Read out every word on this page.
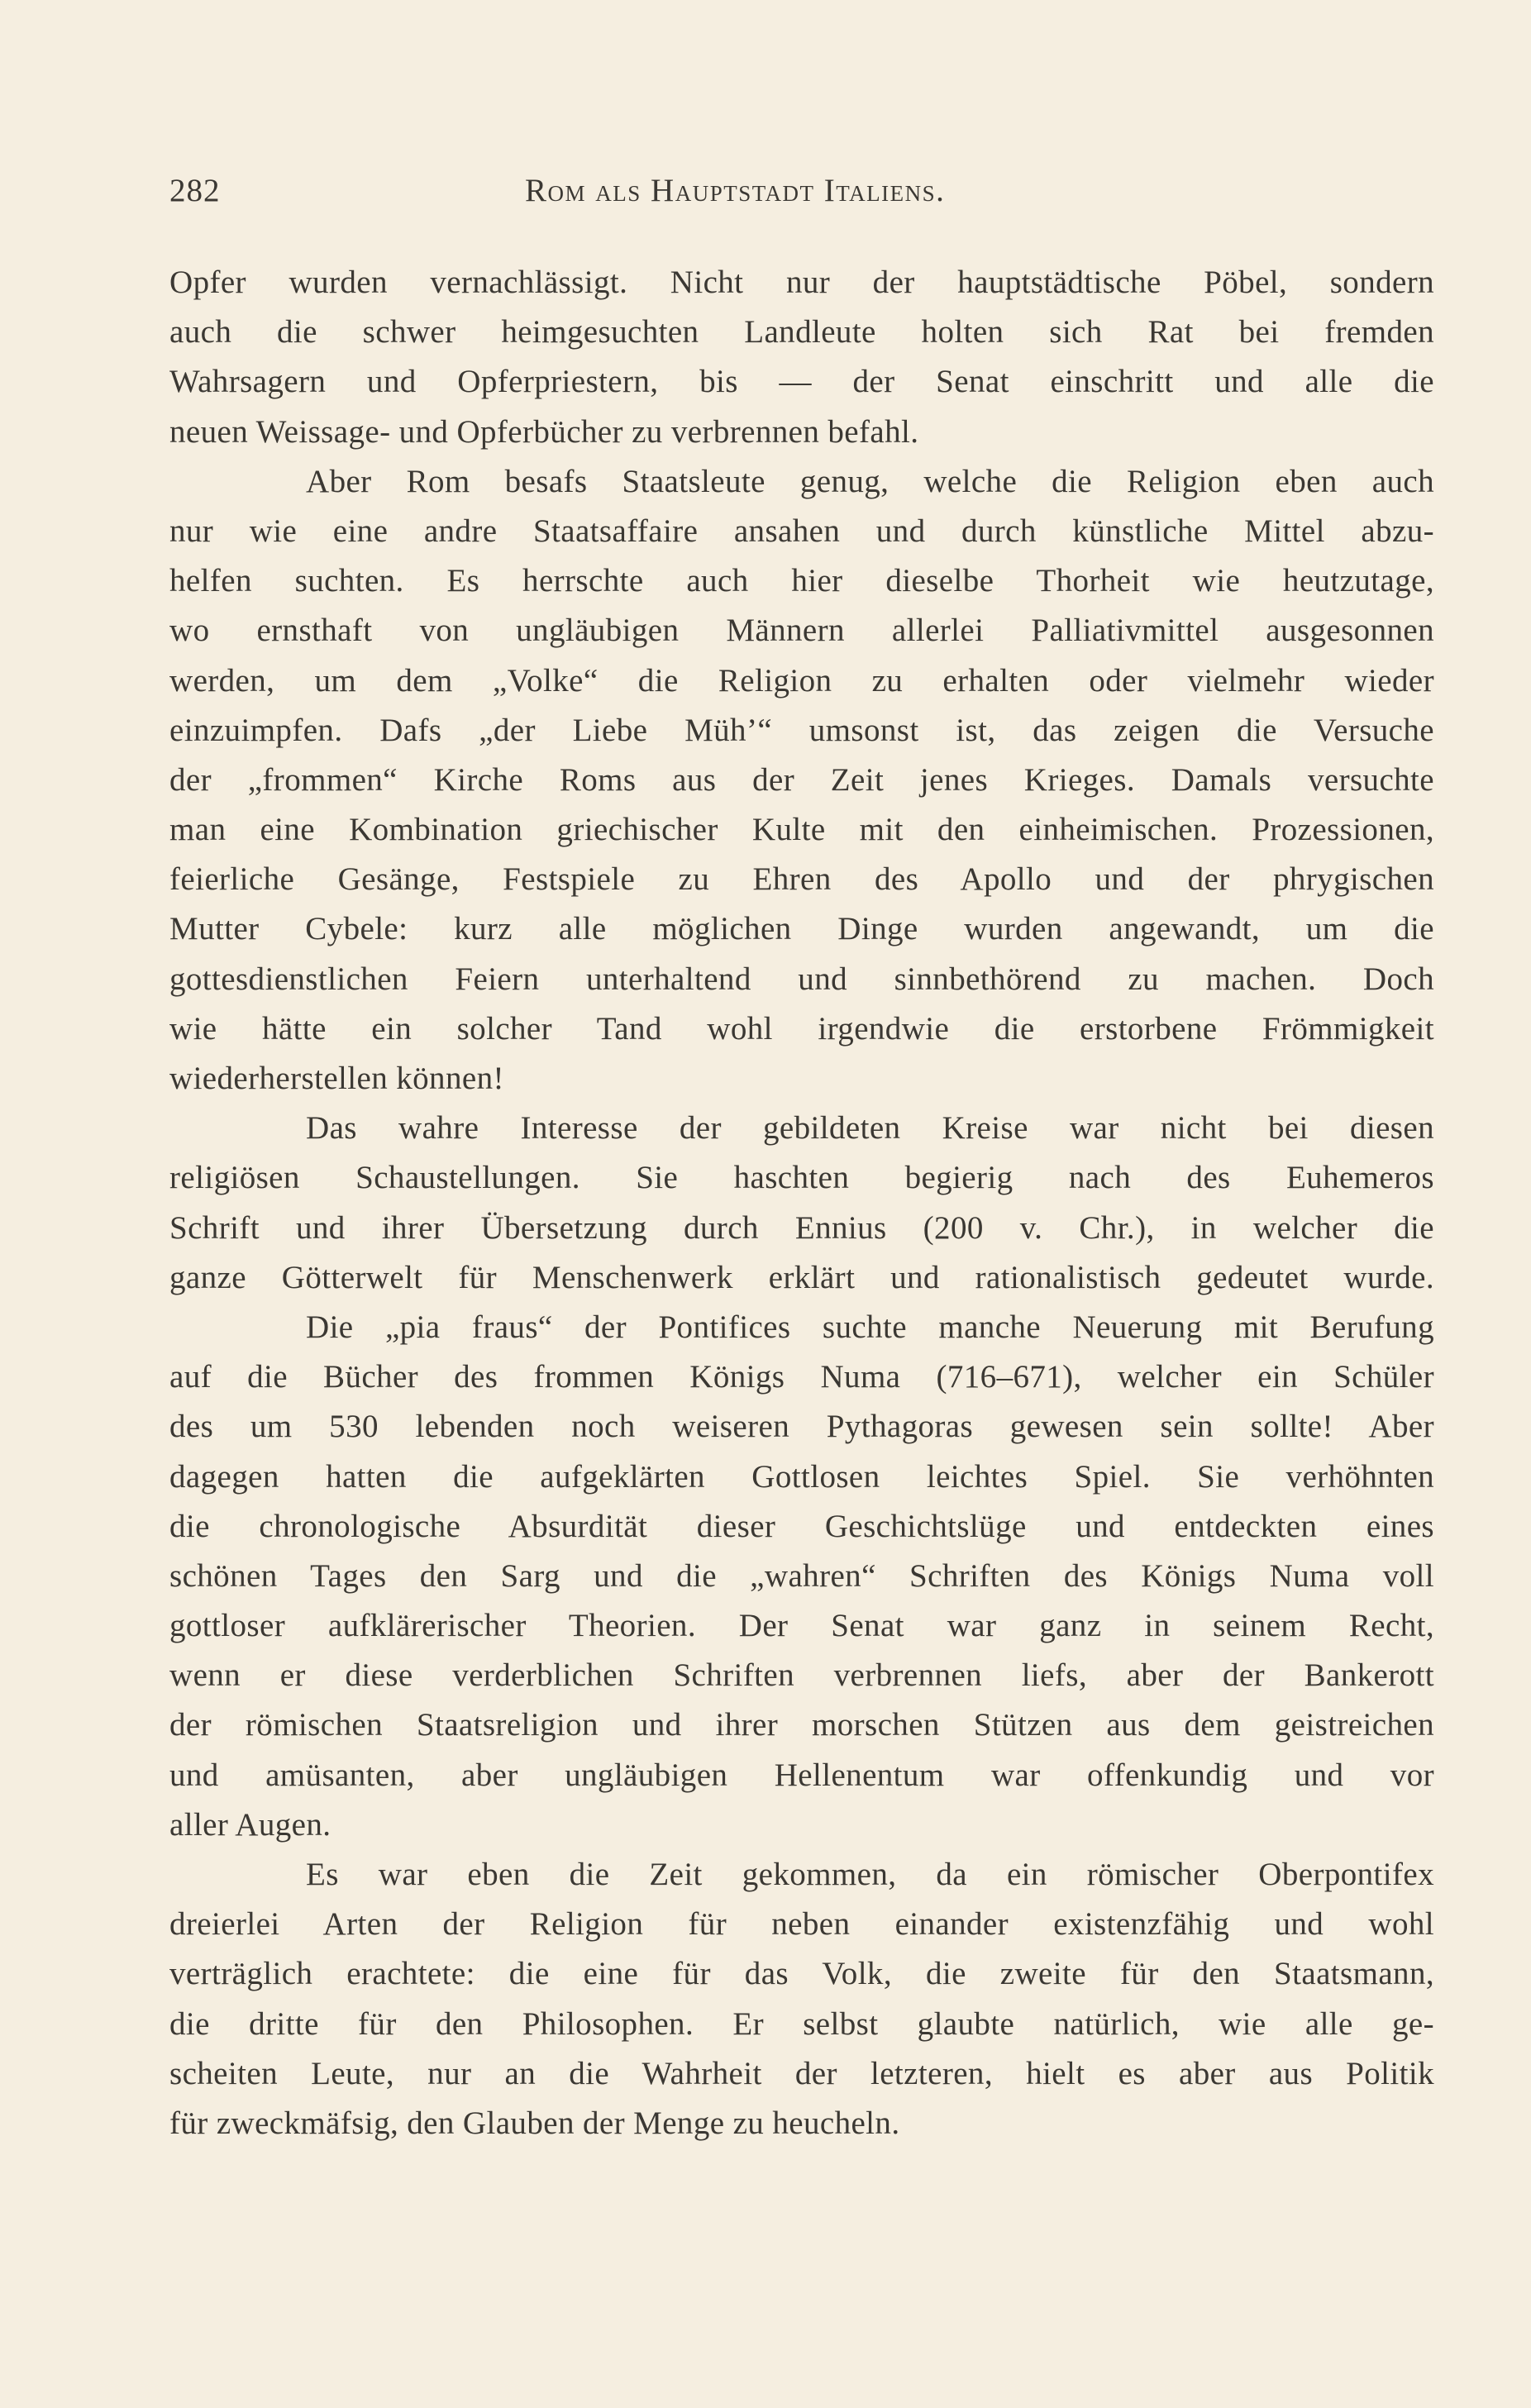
282	Rom als Hauptstadt Italiens.
Opfer wurden vernachlässigt. Nicht nur der hauptstädtische Pöbel, sondern
auch die schwer heimgesuchten Landleute holten sich Rat bei fremden
Wahrsagern und Opferpriestern, bis — der Senat einschritt und alle die
neuen Weissage- und Opferbücher zu verbrennen befahl.
Aber Rom besafs Staatsleute genug, welche die Religion eben auch
nur wie eine andre Staatsaffaire ansahen und durch künstliche Mittel abzu-
helfen suchten. Es herrschte auch hier dieselbe Thorheit wie heutzutage,
wo ernsthaft von ungläubigen Männern allerlei Palliativmittel ausgesonnen
werden, um dem „Volke“ die Religion zu erhalten oder vielmehr wieder
einzuimpfen. Dafs „der Liebe Müh’“ umsonst ist, das zeigen die Versuche
der „frommen“ Kirche Roms aus der Zeit jenes Krieges. Damals versuchte
man eine Kombination griechischer Kulte mit den einheimischen. Prozessionen,
feierliche Gesänge, Festspiele zu Ehren des Apollo und der phrygischen
Mutter Cybele: kurz alle möglichen Dinge wurden angewandt, um die
gottesdienstlichen Feiern unterhaltend und sinnbethörend zu machen. Doch
wie hätte ein solcher Tand wohl irgendwie die erstorbene Frömmigkeit
wiederherstellen können!
Das wahre Interesse der gebildeten Kreise war nicht bei diesen
religiösen Schaustellungen. Sie haschten begierig nach des Euhemeros
Schrift und ihrer Übersetzung durch Ennius (200 v. Chr.), in welcher die
ganze Götterwelt für Menschenwerk erklärt und rationalistisch gedeutet wurde.
Die „pia fraus“ der Pontifices suchte manche Neuerung mit Berufung
auf die Bücher des frommen Königs Numa (716–671), welcher ein Schüler
des um 530 lebenden noch weiseren Pythagoras gewesen sein sollte! Aber
dagegen hatten die aufgeklärten Gottlosen leichtes Spiel. Sie verhöhnten
die chronologische Absurdität dieser Geschichtslüge und entdeckten eines
schönen Tages den Sarg und die „wahren“ Schriften des Königs Numa voll
gottloser aufklärerischer Theorien. Der Senat war ganz in seinem Recht,
wenn er diese verderblichen Schriften verbrennen liefs, aber der Bankerott
der römischen Staatsreligion und ihrer morschen Stützen aus dem geistreichen
und amüsanten, aber ungläubigen Hellenentum war offenkundig und vor
aller Augen.
Es war eben die Zeit gekommen, da ein römischer Oberpontifex
dreierlei Arten der Religion für neben einander existenzfähig und wohl
verträglich erachtete: die eine für das Volk, die zweite für den Staatsmann,
die dritte für den Philosophen. Er selbst glaubte natürlich, wie alle ge-
scheiten Leute, nur an die Wahrheit der letzteren, hielt es aber aus Politik
für zweckmäfsig, den Glauben der Menge zu heucheln.
